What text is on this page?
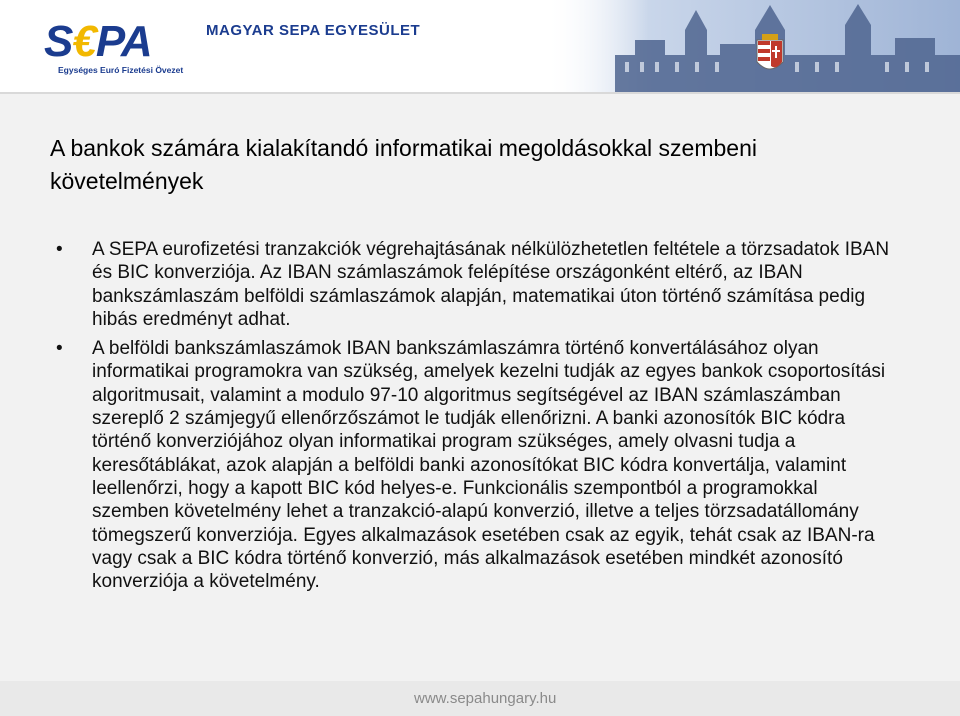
S€PA
Egységes Euró Fizetési Övezet
MAGYAR SEPA EGYESÜLET
A bankok számára kialakítandó informatikai megoldásokkal szembeni követelmények
• A SEPA eurofizetési tranzakciók végrehajtásának nélkülözhetetlen feltétele a törzsadatok IBAN és BIC konverziója. Az IBAN számlaszámok felépítése országonként eltérő, az IBAN bankszámlaszám belföldi számlaszámok alapján, matematikai úton történő számítása pedig hibás eredményt adhat.
• A belföldi bankszámlaszámok IBAN bankszámlaszámra történő konvertálásához olyan informatikai programokra van szükség, amelyek kezelni tudják az egyes bankok csoportosítási algoritmusait, valamint a modulo 97-10 algoritmus segítségével az IBAN számlaszámban szereplő 2 számjegyű ellenőrzőszámot le tudják ellenőrizni. A banki azonosítók BIC kódra történő konverziójához olyan informatikai program szükséges, amely olvasni tudja a keresőtáblákat, azok alapján a belföldi banki azonosítókat BIC kódra konvertálja, valamint leellenőrzi, hogy a kapott BIC kód helyes-e. Funkcionális szempontból a programokkal szemben követelmény lehet a tranzakció-alapú konverzió, illetve a teljes törzsadatállomány tömegszerű konverziója. Egyes alkalmazások esetében csak az egyik, tehát csak az IBAN-ra vagy csak a BIC kódra történő konverzió, más alkalmazások esetében mindkét azonosító konverziója a követelmény.
www.sepahungary.hu
